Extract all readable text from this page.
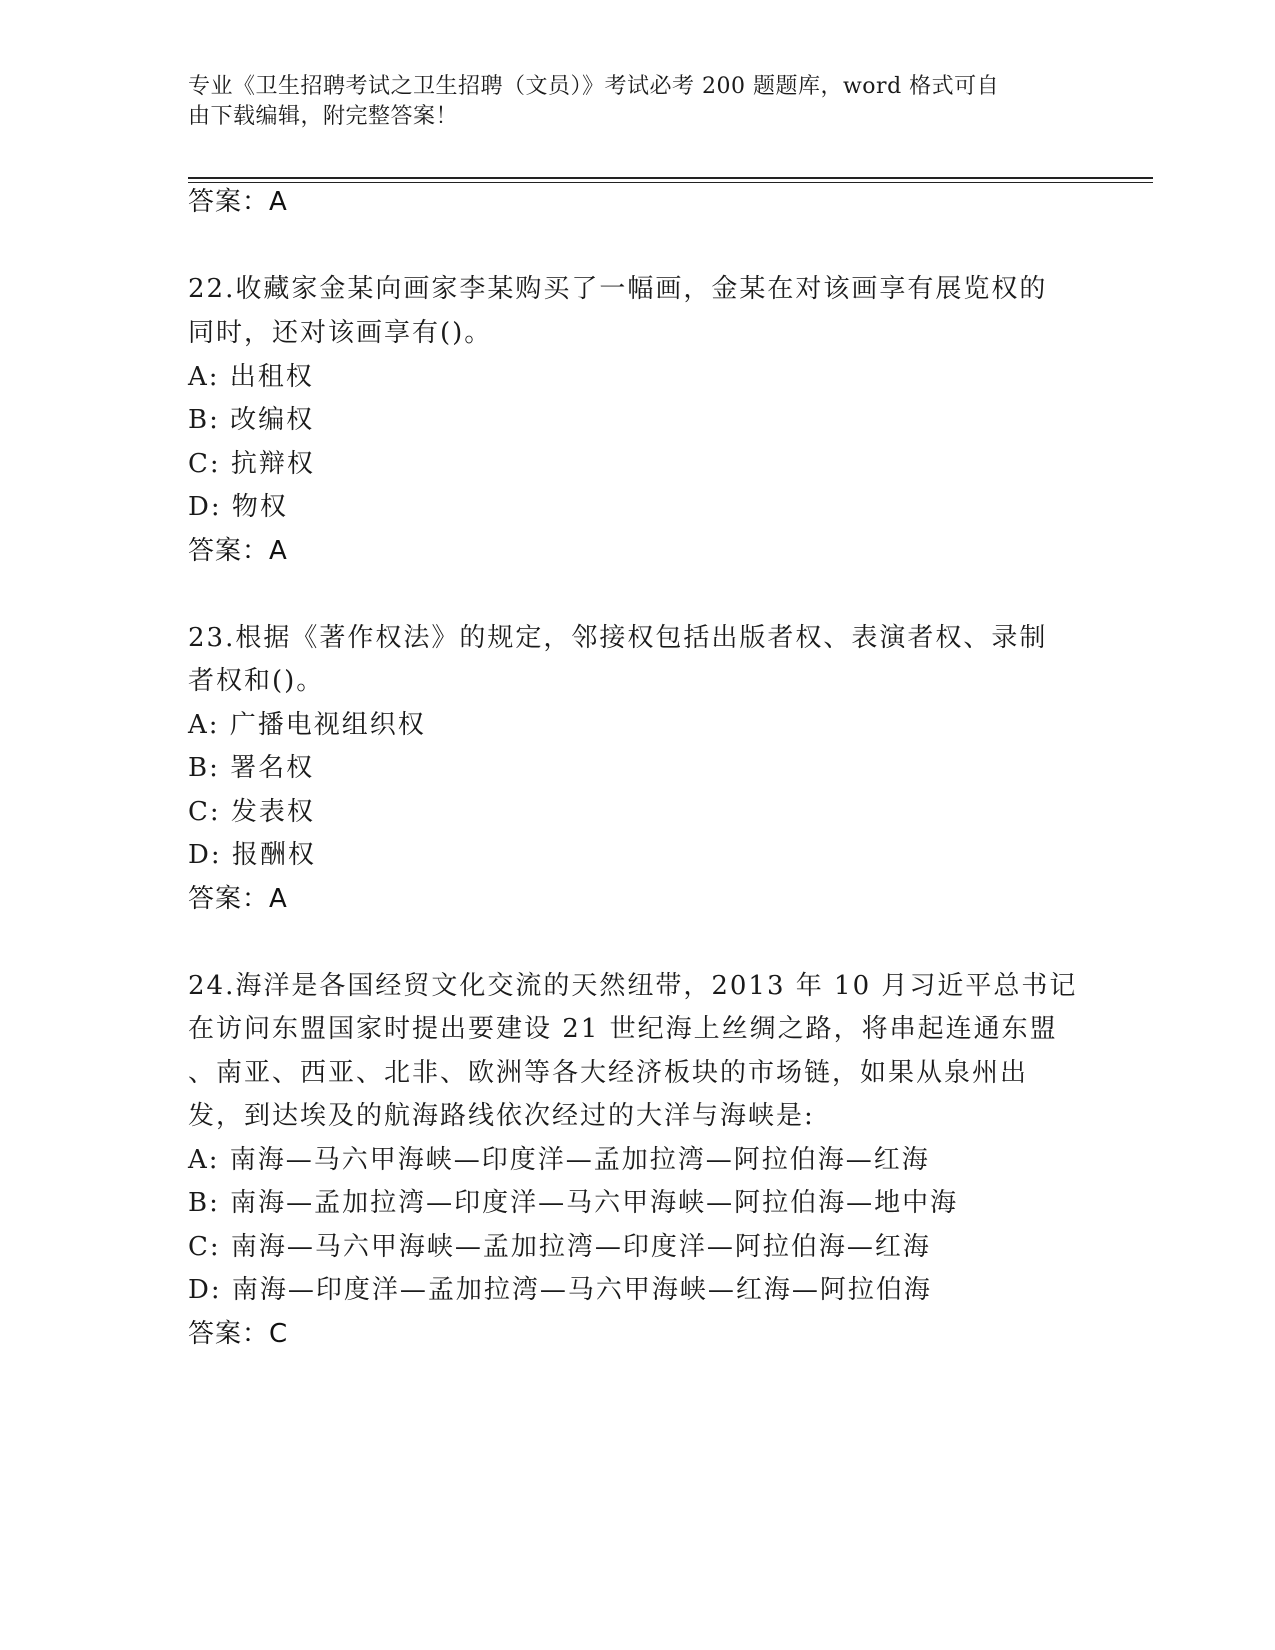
专业《卫生招聘考试之卫生招聘（文员）》考试必考 200 题题库，word 格式可自
由下载编辑，附完整答案！
答案：A
22.收藏家金某向画家李某购买了一幅画，金某在对该画享有展览权的
同时，还对该画享有()。
A: 出租权
B: 改编权
C: 抗辩权
D: 物权
答案：A
23.根据《著作权法》的规定，邻接权包括出版者权、表演者权、录制
者权和()。
A: 广播电视组织权
B: 署名权
C: 发表权
D: 报酬权
答案：A
24.海洋是各国经贸文化交流的天然纽带，2013 年 10 月习近平总书记
在访问东盟国家时提出要建设 21 世纪海上丝绸之路，将串起连通东盟
、南亚、西亚、北非、欧洲等各大经济板块的市场链，如果从泉州出
发，到达埃及的航海路线依次经过的大洋与海峡是:
A: 南海—马六甲海峡—印度洋—孟加拉湾—阿拉伯海—红海
B: 南海—孟加拉湾—印度洋—马六甲海峡—阿拉伯海—地中海
C: 南海—马六甲海峡—孟加拉湾—印度洋—阿拉伯海—红海
D: 南海—印度洋—孟加拉湾—马六甲海峡—红海—阿拉伯海
答案：C
